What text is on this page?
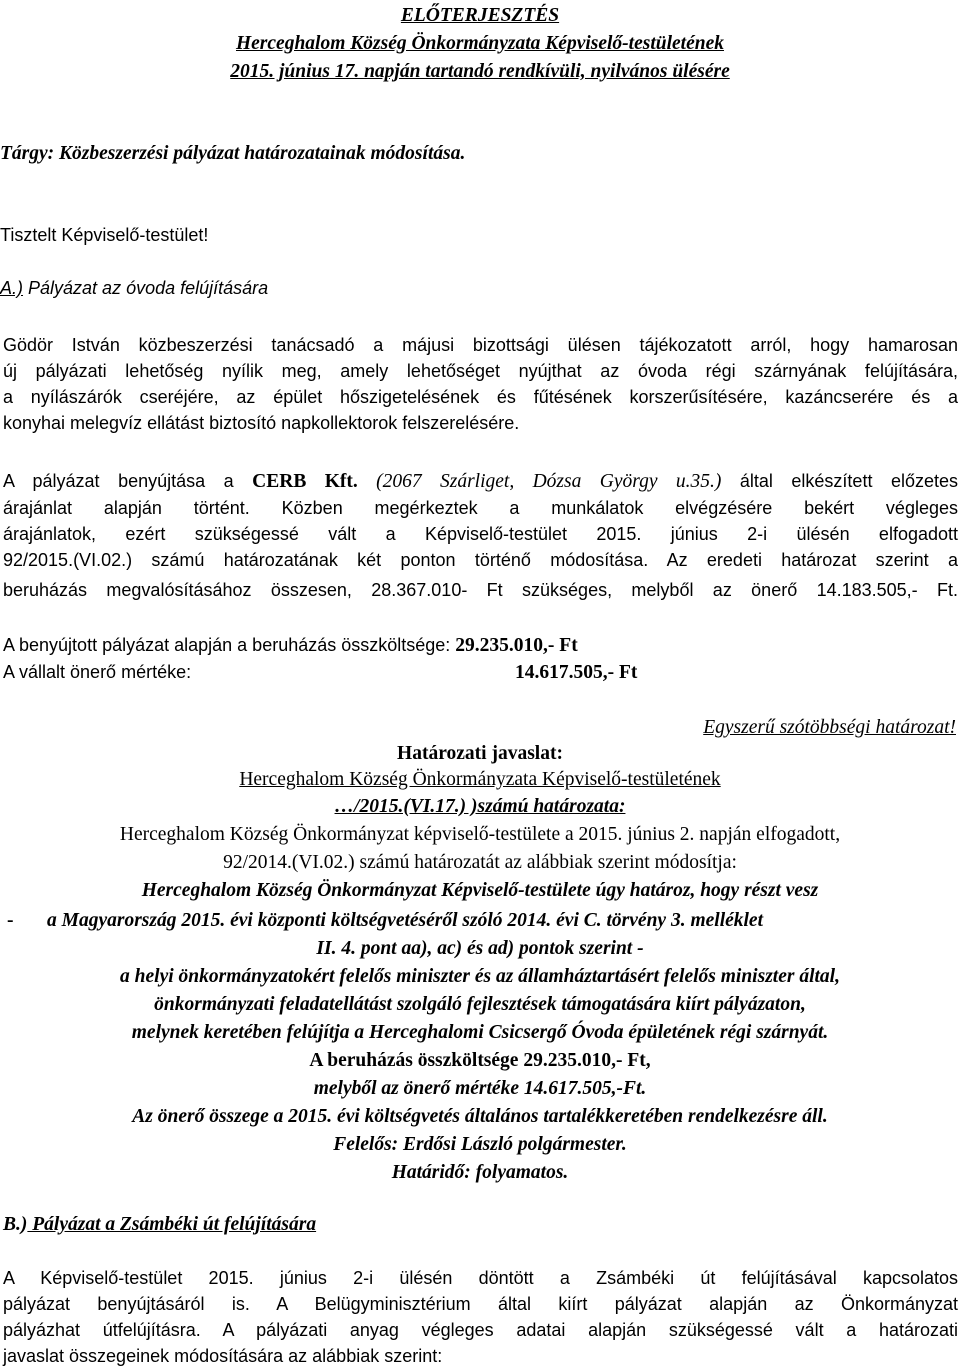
ELŐTERJESZTÉS
Herceghalom Község Önkormányzata Képviselő-testületének
2015. június 17. napján tartandó rendkívüli, nyilvános ülésére
Tárgy: Közbeszerzési pályázat határozatainak módosítása.
Tisztelt Képviselő-testület!
A.) Pályázat az óvoda felújítására
Gödör István közbeszerzési tanácsadó a májusi bizottsági ülésen tájékozatott arról, hogy hamarosan
új pályázati lehetőség nyílik meg, amely lehetőséget nyújthat az óvoda régi szárnyának felújítására,
a nyílászárók cseréjére, az épület hőszigetelésének és fűtésének korszerűsítésére, kazáncserére és a
konyhai melegvíz ellátást biztosító napkollektorok felszerelésére.
A pályázat benyújtása a CERB Kft. (2067 Szárliget, Dózsa György u.35.) által elkészített előzetes
árajánlat alapján történt. Közben megérkeztek a munkálatok elvégzésére bekért végleges
árajánlatok, ezért szükségessé vált a Képviselő-testület 2015. június 2-i ülésén elfogadott
92/2015.(VI.02.) számú határozatának két ponton történő módosítása. Az eredeti határozat szerint a
beruházás megvalósításához összesen, 28.367.010- Ft szükséges, melyből az önerő 14.183.505,- Ft.
A benyújtott pályázat alapján a beruházás összköltsége: 29.235.010,- Ft
A vállalt önerő mértéke:	14.617.505,- Ft
Egyszerű szótöbbségi határozat!
Határozati javaslat:
Herceghalom Község Önkormányzata Képviselő-testületének
…/2015.(VI.17.) )számú határozata:
Herceghalom Község Önkormányzat képviselő-testülete a 2015. június 2. napján elfogadott,
92/2014.(VI.02.) számú határozatát az alábbiak szerint módosítja:
Herceghalom Község Önkormányzat Képviselő-testülete úgy határoz, hogy részt vesz
- a Magyarország 2015. évi központi költségvetéséről szóló 2014. évi C. törvény 3. melléklet
II. 4. pont aa), ac) és ad) pontok szerint -
a helyi önkormányzatokért felelős miniszter és az államháztartásért felelős miniszter által,
önkormányzati feladatellátást szolgáló fejlesztések támogatására kiírt pályázaton,
melynek keretében felújítja a Herceghalomi Csicsergő Óvoda épületének régi szárnyát.
A beruházás összköltsége 29.235.010,- Ft,
melyből az önerő mértéke 14.617.505,-Ft.
Az önerő összege a 2015. évi költségvetés általános tartalékkeretében rendelkezésre áll.
Felelős: Erdősi László polgármester.
Határidő: folyamatos.
B.) Pályázat a Zsámbéki út felújítására
A Képviselő-testület 2015. június 2-i ülésén döntött a Zsámbéki út felújításával kapcsolatos
pályázat benyújtásáról is. A Belügyminisztérium által kiírt pályázat alapján az Önkormányzat
pályázhat útfelújításra. A pályázati anyag végleges adatai alapján szükségessé vált a határozati
javaslat összegeinek módosítására az alábbiak szerint:
